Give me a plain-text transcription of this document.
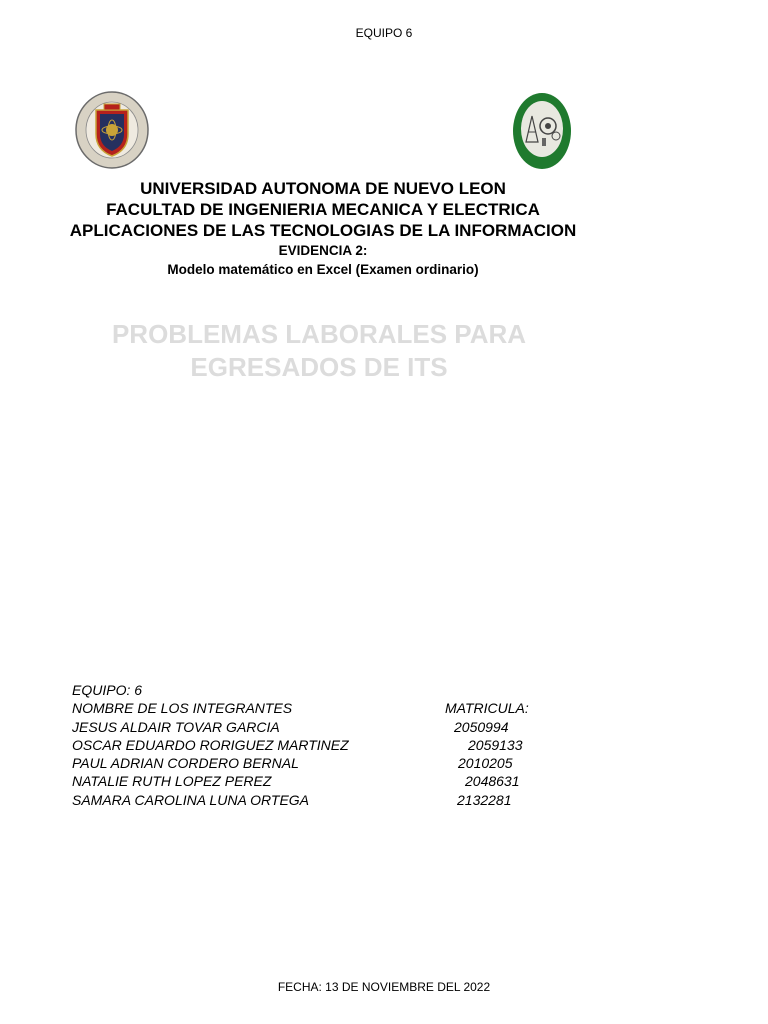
EQUIPO 6
UNIVERSIDAD AUTONOMA DE NUEVO LEON
FACULTAD DE INGENIERIA MECANICA Y ELECTRICA
APLICACIONES DE LAS TECNOLOGIAS DE LA INFORMACION
EVIDENCIA 2:
Modelo matemático en Excel (Examen ordinario)
PROBLEMAS LABORALES PARA
EGRESADOS DE ITS
EQUIPO: 6
NOMBRE DE LOS INTEGRANTES	MATRICULA:
JESUS ALDAIR TOVAR GARCIA	2050994
OSCAR EDUARDO RORIGUEZ MARTINEZ	2059133
PAUL ADRIAN CORDERO BERNAL	2010205
NATALIE RUTH LOPEZ PEREZ	2048631
SAMARA CAROLINA LUNA ORTEGA	2132281
FECHA: 13 DE NOVIEMBRE DEL 2022
